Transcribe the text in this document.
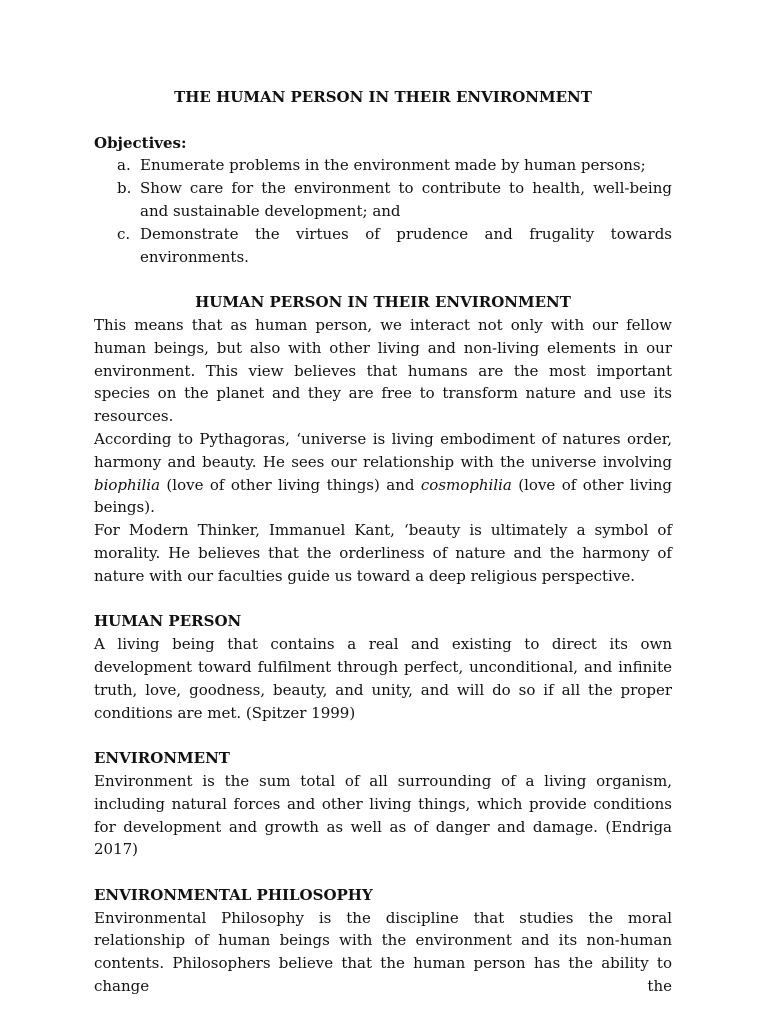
THE HUMAN PERSON IN THEIR ENVIRONMENT

Objectives:

a. Enumerate problems in the environment made by human persons;
b. Show care for the environment to contribute to health, well-being and sustainable development; and
c. Demonstrate the virtues of prudence and frugality towards environments.

HUMAN PERSON IN THEIR ENVIRONMENT

This means that as human person, we interact not only with our fellow human beings, but also with other living and non-living elements in our environment. This view believes that humans are the most important species on the planet and they are free to transform nature and use its resources.

According to Pythagoras, ‘universe is living embodiment of natures order, harmony and beauty. He sees our relationship with the universe involving biophilia (love of other living things) and cosmophilia (love of other living beings).

For Modern Thinker, Immanuel Kant, ‘beauty is ultimately a symbol of morality. He believes that the orderliness of nature and the harmony of nature with our faculties guide us toward a deep religious perspective.

HUMAN PERSON

A living being that contains a real and existing to direct its own development toward fulfilment through perfect, unconditional, and infinite truth, love, goodness, beauty, and unity, and will do so if all the proper conditions are met. (Spitzer 1999)

ENVIRONMENT

Environment is the sum total of all surrounding of a living organism, including natural forces and other living things, which provide conditions for development and growth as well as of danger and damage. (Endriga 2017)

ENVIRONMENTAL PHILOSOPHY

Environmental Philosophy is the discipline that studies the moral relationship of human beings with the environment and its non-human contents. Philosophers believe that the human person has the ability to change the
